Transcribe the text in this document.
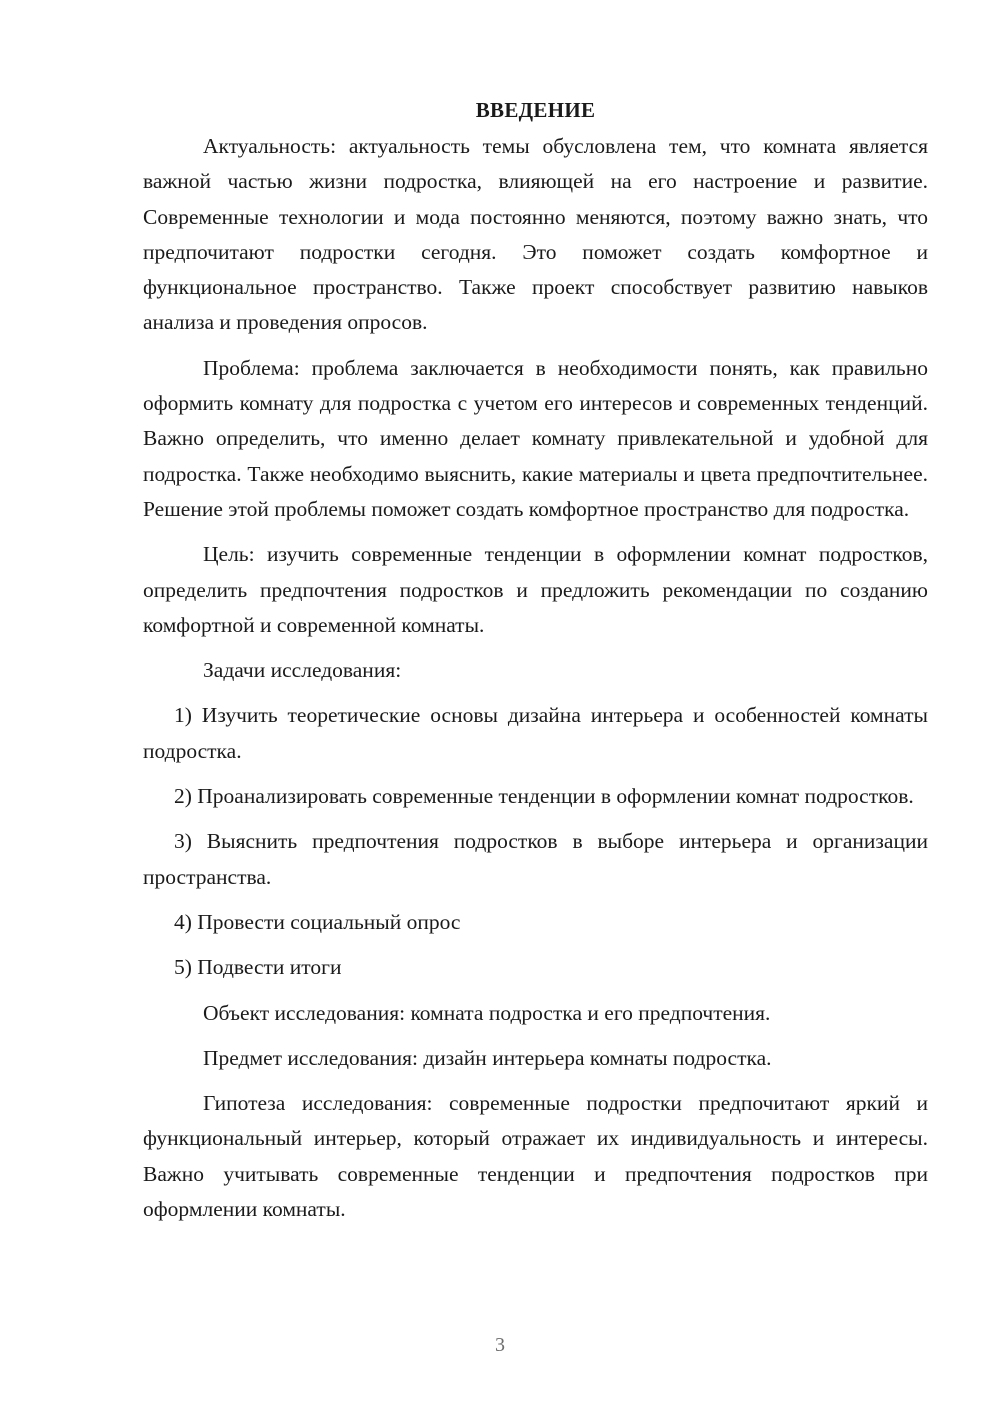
ВВЕДЕНИЕ

Актуальность: актуальность темы обусловлена тем, что комната является важной частью жизни подростка, влияющей на его настроение и развитие. Современные технологии и мода постоянно меняются, поэтому важно знать, что предпочитают подростки сегодня. Это поможет создать комфортное и функциональное пространство. Также проект способствует развитию навыков анализа и проведения опросов.

Проблема: проблема заключается в необходимости понять, как правильно оформить комнату для подростка с учетом его интересов и современных тенденций. Важно определить, что именно делает комнату привлекательной и удобной для подростка. Также необходимо выяснить, какие материалы и цвета предпочтительнее. Решение этой проблемы поможет создать комфортное пространство для подростка.

Цель: изучить современные тенденции в оформлении комнат подростков, определить предпочтения подростков и предложить рекомендации по созданию комфортной и современной комнаты.

Задачи исследования:

1) Изучить теоретические основы дизайна интерьера и особенностей комнаты подростка.

2) Проанализировать современные тенденции в оформлении комнат подростков.

3) Выяснить предпочтения подростков в выборе интерьера и организации пространства.

4) Провести социальный опрос

5) Подвести итоги

Объект исследования: комната подростка и его предпочтения.

Предмет исследования: дизайн интерьера комнаты подростка.

Гипотеза исследования: современные подростки предпочитают яркий и функциональный интерьер, который отражает их индивидуальность и интересы. Важно учитывать современные тенденции и предпочтения подростков при оформлении комнаты.

3
